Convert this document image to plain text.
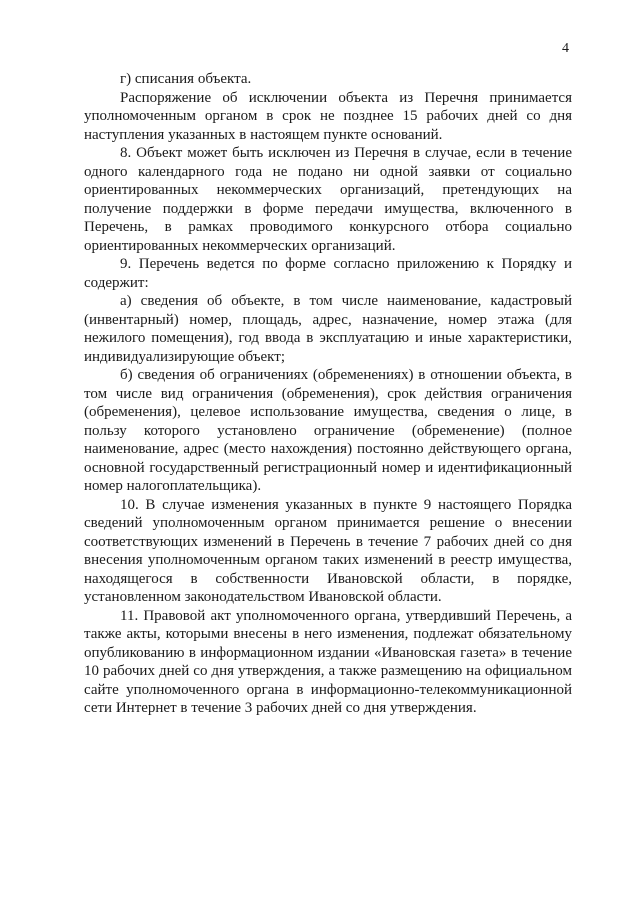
4

г) списания объекта.

Распоряжение об исключении объекта из Перечня принимается уполномоченным органом в срок не позднее 15 рабочих дней со дня наступления указанных в настоящем пункте оснований.

8. Объект может быть исключен из Перечня в случае, если в течение одного календарного года не подано ни одной заявки от социально ориентированных некоммерческих организаций, претендующих на получение поддержки в форме передачи имущества, включенного в Перечень, в рамках проводимого конкурсного отбора социально ориентированных некоммерческих организаций.

9. Перечень ведется по форме согласно приложению к Порядку и содержит:

а) сведения об объекте, в том числе наименование, кадастровый (инвентарный) номер, площадь, адрес, назначение, номер этажа (для нежилого помещения), год ввода в эксплуатацию и иные характеристики, индивидуализирующие объект;

б) сведения об ограничениях (обременениях) в отношении объекта, в том числе вид ограничения (обременения), срок действия ограничения (обременения), целевое использование имущества, сведения о лице, в пользу которого установлено ограничение (обременение) (полное наименование, адрес (место нахождения) постоянно действующего органа, основной государственный регистрационный номер и идентификационный номер налогоплательщика).

10. В случае изменения указанных в пункте 9 настоящего Порядка сведений уполномоченным органом принимается решение о внесении соответствующих изменений в Перечень в течение 7 рабочих дней со дня внесения уполномоченным органом таких изменений в реестр имущества, находящегося в собственности Ивановской области, в порядке, установленном законодательством Ивановской области.

11. Правовой акт уполномоченного органа, утвердивший Перечень, а также акты, которыми внесены в него изменения, подлежат обязательному опубликованию в информационном издании «Ивановская газета» в течение 10 рабочих дней со дня утверждения, а также размещению на официальном сайте уполномоченного органа в информационно-телекоммуникационной сети Интернет в течение 3 рабочих дней со дня утверждения.
